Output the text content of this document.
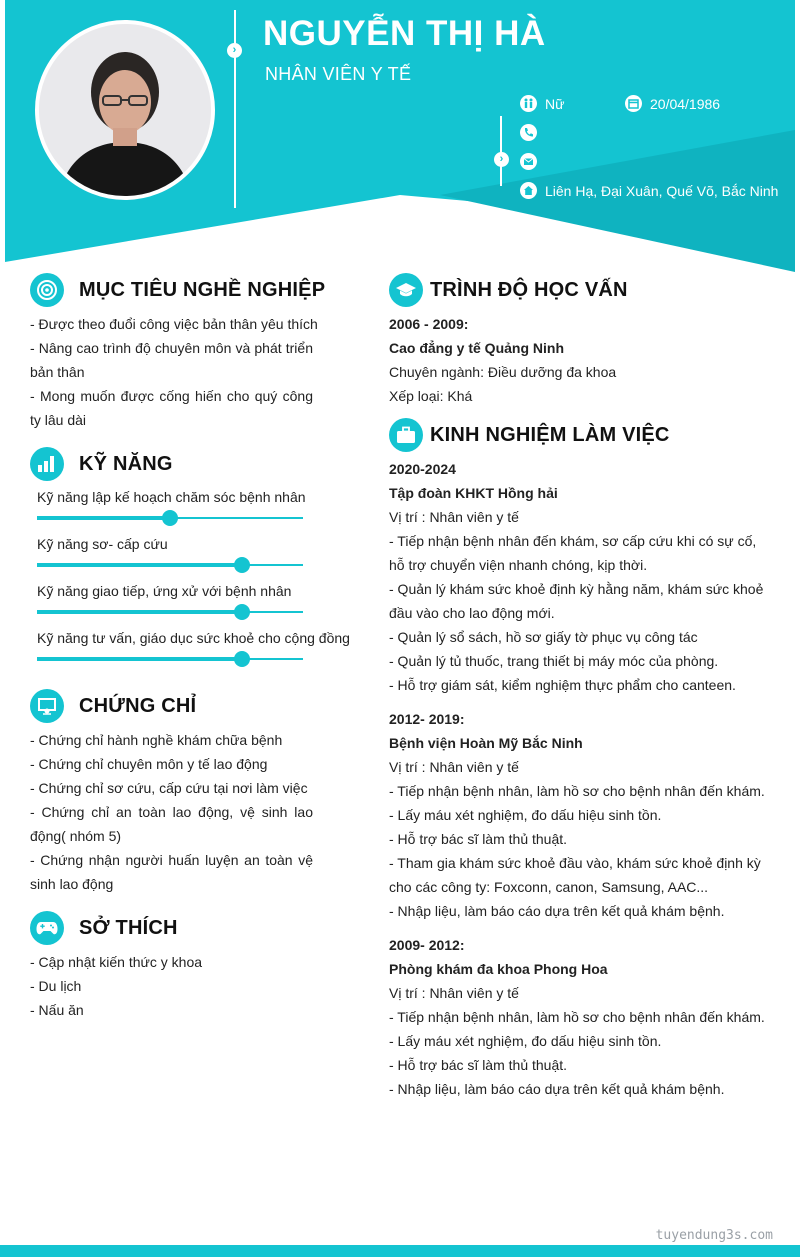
› NGUYỄN THỊ HÀ
NHÂN VIÊN Y TẾ
›
Nữ	20/04/1986
Liên Hạ, Đại Xuân, Quế Võ, Bắc Ninh
MỤC TIÊU NGHỀ NGHIỆP
- Được theo đuổi công việc bản thân yêu thích
- Nâng cao trình độ chuyên môn và phát triển
bản thân
- Mong muốn được cống hiến cho quý công
ty lâu dài
KỸ NĂNG
Kỹ năng lập kế hoạch chăm sóc bệnh nhân
Kỹ năng sơ- cấp cứu
Kỹ năng giao tiếp, ứng xử với bệnh nhân
Kỹ năng tư vấn, giáo dục sức khoẻ cho cộng đồng
CHỨNG CHỈ
- Chứng chỉ hành nghề khám chữa bệnh
- Chứng chỉ chuyên môn y tế lao động
- Chứng chỉ sơ cứu, cấp cứu tại nơi làm việc
- Chứng chỉ an toàn lao động, vệ sinh lao
động( nhóm 5)
- Chứng nhận người huấn luyện an toàn vệ
sinh lao động
SỞ THÍCH
- Cập nhật kiến thức y khoa
- Du lịch
- Nấu ăn
TRÌNH ĐỘ HỌC VẤN
2006 - 2009:
Cao đẳng y tế Quảng Ninh
Chuyên ngành: Điều dưỡng đa khoa
Xếp loại: Khá
KINH NGHIỆM LÀM VIỆC
2020-2024
Tập đoàn KHKT Hồng hải
Vị trí : Nhân viên y tế
- Tiếp nhận bệnh nhân đến khám, sơ cấp cứu khi có sự cố,
hỗ trợ chuyển viện nhanh chóng, kịp thời.
- Quản lý khám sức khoẻ định kỳ hằng năm, khám sức khoẻ
đầu vào cho lao động mới.
- Quản lý sổ sách, hồ sơ giấy tờ phục vụ công tác
- Quản lý tủ thuốc, trang thiết bị máy móc của phòng.
- Hỗ trợ giám sát, kiểm nghiệm thực phẩm cho canteen.
2012- 2019:
Bệnh viện Hoàn Mỹ Bắc Ninh
Vị trí : Nhân viên y tế
- Tiếp nhận bệnh nhân, làm hồ sơ cho bệnh nhân đến khám.
- Lấy máu xét nghiệm, đo dấu hiệu sinh tồn.
- Hỗ trợ bác sĩ làm thủ thuật.
- Tham gia khám sức khoẻ đầu vào, khám sức khoẻ định kỳ
cho các công ty: Foxconn, canon, Samsung, AAC...
- Nhập liệu, làm báo cáo dựa trên kết quả khám bệnh.
2009- 2012:
Phòng khám đa khoa Phong Hoa
Vị trí : Nhân viên y tế
- Tiếp nhận bệnh nhân, làm hồ sơ cho bệnh nhân đến khám.
- Lấy máu xét nghiệm, đo dấu hiệu sinh tồn.
- Hỗ trợ bác sĩ làm thủ thuật.
- Nhập liệu, làm báo cáo dựa trên kết quả khám bệnh.
tuyendung3s.com
